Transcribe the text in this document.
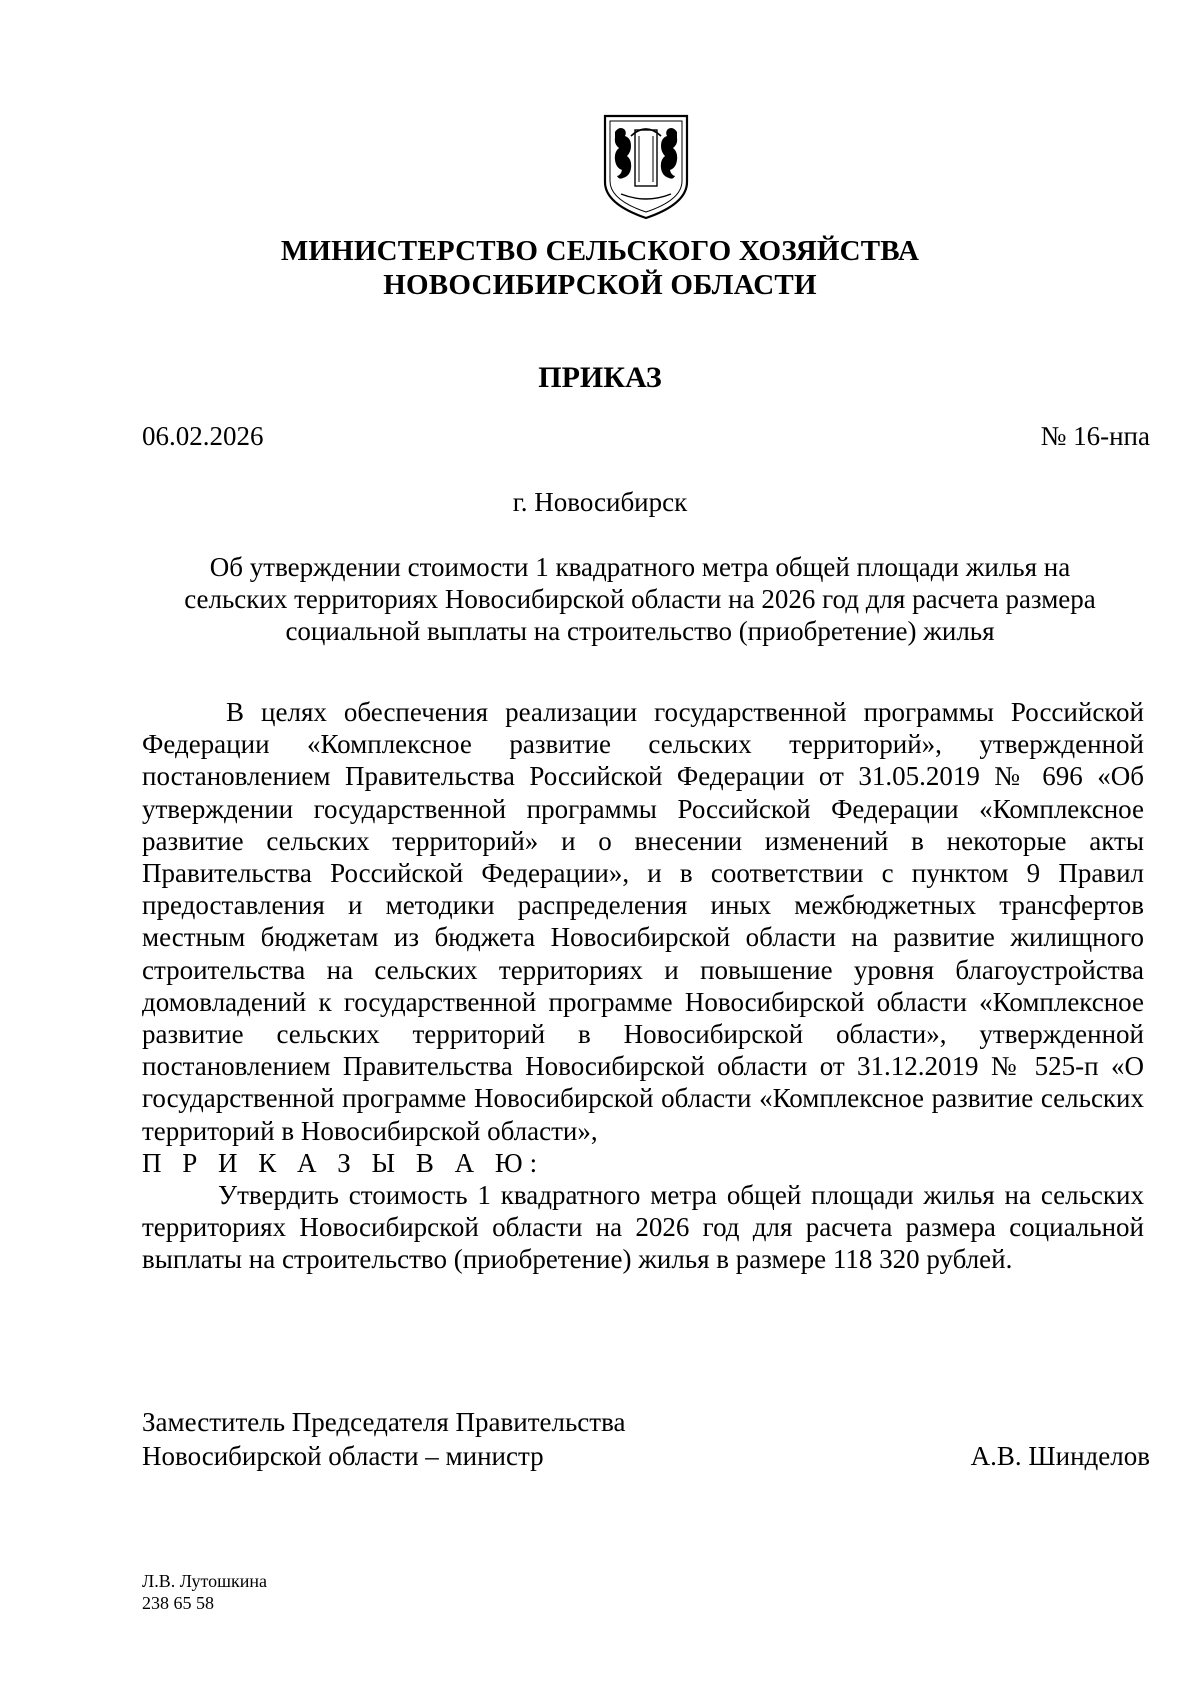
МИНИСТЕРСТВО СЕЛЬСКОГО ХОЗЯЙСТВА
НОВОСИБИРСКОЙ ОБЛАСТИ
ПРИКАЗ
06.02.2026	№ 16-нпа
г. Новосибирск
Об утверждении стоимости 1 квадратного метра общей площади жилья на сельских территориях Новосибирской области на 2026 год для расчета размера социальной выплаты на строительство (приобретение) жилья

В целях обеспечения реализации государственной программы Российской Федерации «Комплексное развитие сельских территорий», утвержденной постановлением Правительства Российской Федерации от 31.05.2019 № 696 «Об утверждении государственной программы Российской Федерации «Комплексное развитие сельских территорий» и о внесении изменений в некоторые акты Правительства Российской Федерации», и в соответствии с пунктом 9 Правил предоставления и методики распределения иных межбюджетных трансфертов местным бюджетам из бюджета Новосибирской области на развитие жилищного строительства на сельских территориях и повышение уровня благоустройства домовладений к государственной программе Новосибирской области «Комплексное развитие сельских территорий в Новосибирской области», утвержденной постановлением Правительства Новосибирской области от 31.12.2019 № 525-п «О государственной программе Новосибирской области «Комплексное развитие сельских территорий в Новосибирской области»,

П Р И К А З Ы В А Ю:

Утвердить стоимость 1 квадратного метра общей площади жилья на сельских территориях Новосибирской области на 2026 год для расчета размера социальной выплаты на строительство (приобретение) жилья в размере 118 320 рублей.

Заместитель Председателя Правительства
Новосибирской области – министр	А.В. Шинделов
Л.В. Лутошкина
238 65 58
